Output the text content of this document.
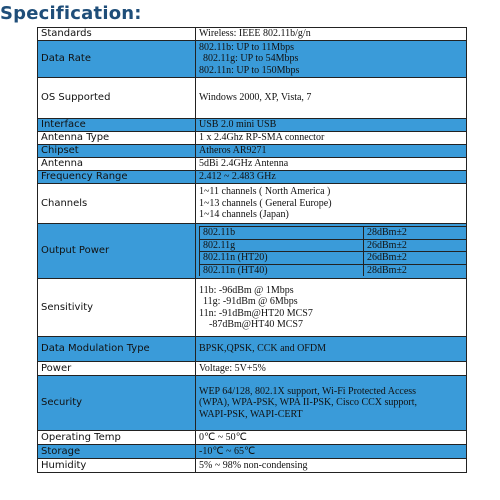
Specification:
Standards	Wireless: IEEE 802.11b/g/n
Data Rate	
802.11b: UP to 11Mbps
802.11g: UP to 54Mbps
802.11n: UP to 150Mbps

OS Supported	Windows 2000, XP, Vista, 7
Interface	USB 2.0 mini USB
Antenna Type	1 x 2.4Ghz RP-SMA connector
Chipset	Atheros AR9271
Antenna	5dBi 2.4GHz Antenna
Frequency Range	2.412 ~ 2.483 GHz
Channels	
1~11 channels ( North America )
1~13 channels ( General Europe)
1~14 channels (Japan)

Output Power	
802.11b	28dBm±2
802.11g	26dBm±2
802.11n (HT20)	26dBm±2
802.11n (HT40)	28dBm±2

Sensitivity	
11b: -96dBm @ 1Mbps
11g: -91dBm @ 6Mbps
11n: -91dBm@HT20 MCS7
-87dBm@HT40 MCS7

Data Modulation Type	BPSK,QPSK, CCK and OFDM
Power	Voltage: 5V+5%
Security	
WEP 64/128, 802.1X support, Wi-Fi Protected Access
(WPA), WPA-PSK, WPA II-PSK, Cisco CCX support,
WAPI-PSK, WAPI-CERT

Operating Temp	0℃ ~ 50℃
Storage	-10℃ ~ 65℃
Humidity	5% ~ 98% non-condensing
